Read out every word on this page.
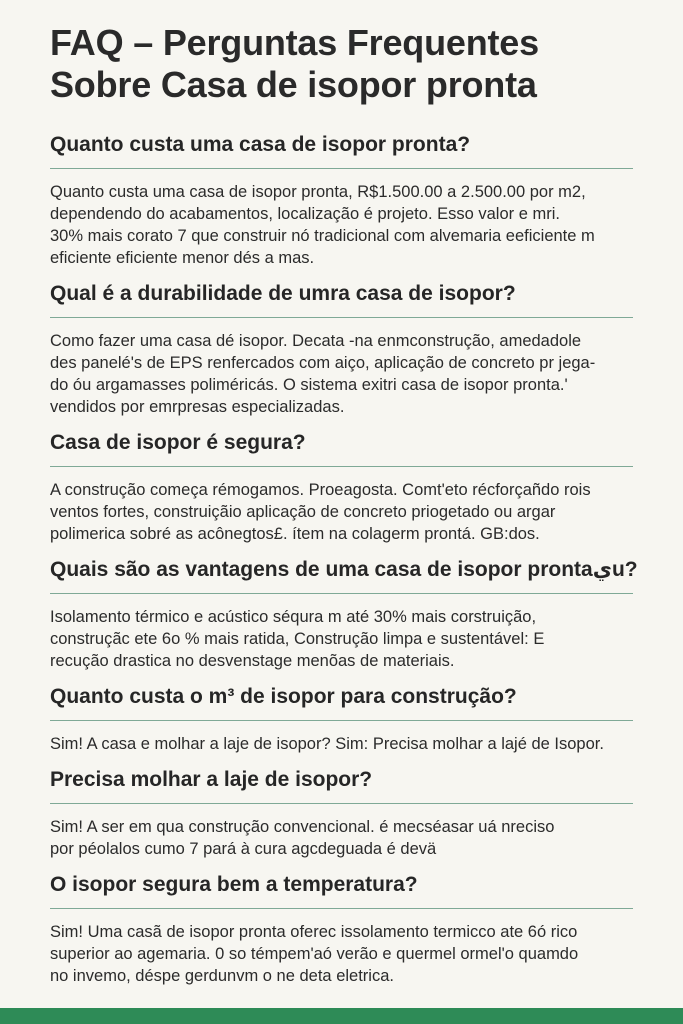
FAQ – Perguntas Frequentes
Sobre Casa de isopor pronta
Quanto custa uma casa de isopor pronta?

Quanto custa uma casa de isopor pronta, R$1.500.00 a 2.500.00 por m2,
dependendo do acabamentos, localização é projeto. Esso valor e mri.
30% mais corato 7 que construir nó tradicional com alvemaria eeficiente m
eficiente eficiente menor dés a mas.

Qual é a durabilidade de umra casa de isopor?

Como fazer uma casa dé isopor. Decata -na enmconstrução, amedadole
des panelé's de EPS renfercados com aiço, aplicação de concreto pr jega-
do óu argamasses poliméricás. O sistema exitri casa de isopor pronta.'
vendidos por emrpresas especializadas.

Casa de isopor é segura?

A construção começa rémogamos. Proeagosta. Comt'eto récforçañdo rois
ventos fortes, construiçãio aplicação de concreto priogetado ou argar
polimerica sobré as acônegtos£. ítem na colagerm prontá. GB:dos.

Quais são as vantagens de uma casa de isopor prontaيu?

Isolamento térmico e acústico séqura m até 30% mais corstruição,
construçãc ete 6o % mais ratida, Construção limpa e sustentável: E
recução drastica no desvenstage menõas de materiais.

Quanto custa o m³ de isopor para construção?

Sim! A casa e molhar a laje de isopor? Sim: Precisa molhar a lajé de Isopor.

Precisa molhar a laje de isopor?

Sim! A ser em qua construção convencional. é mecséasar uá nreciso
por péolalos cumo 7 pará à cura agcdeguada é devä

O isopor segura bem a temperatura?

Sim! Uma casã de isopor pronta oferec issolamento termicco ate 6ó rico
superior ao agemaria. 0 so témpem'aó verão e quermel ormel'o quamdo
no invemo, déspe gerdunvm o ne deta eletrica.
